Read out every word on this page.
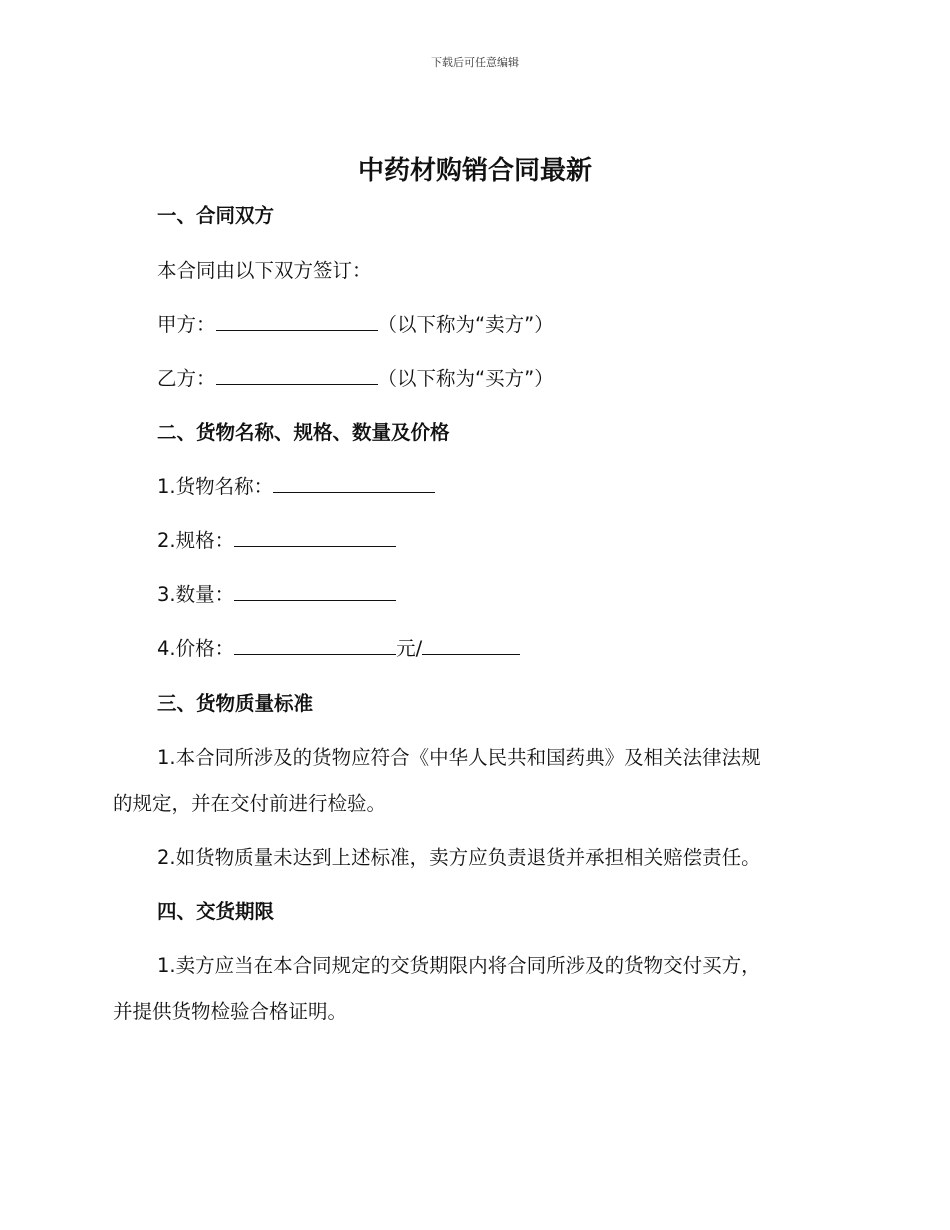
下载后可任意编辑
中药材购销合同最新

一、合同双方

本合同由以下双方签订：

甲方：	（以下称为“卖方”）

乙方：	（以下称为“买方”）

二、货物名称、规格、数量及价格

1.货物名称：

2.规格：

3.数量：

4.价格：	元/

三、货物质量标准

1.本合同所涉及的货物应符合《中华人民共和国药典》及相关法律法规

的规定，并在交付前进行检验。

2.如货物质量未达到上述标准，卖方应负责退货并承担相关赔偿责任。

四、交货期限

1.卖方应当在本合同规定的交货期限内将合同所涉及的货物交付买方，

并提供货物检验合格证明。
